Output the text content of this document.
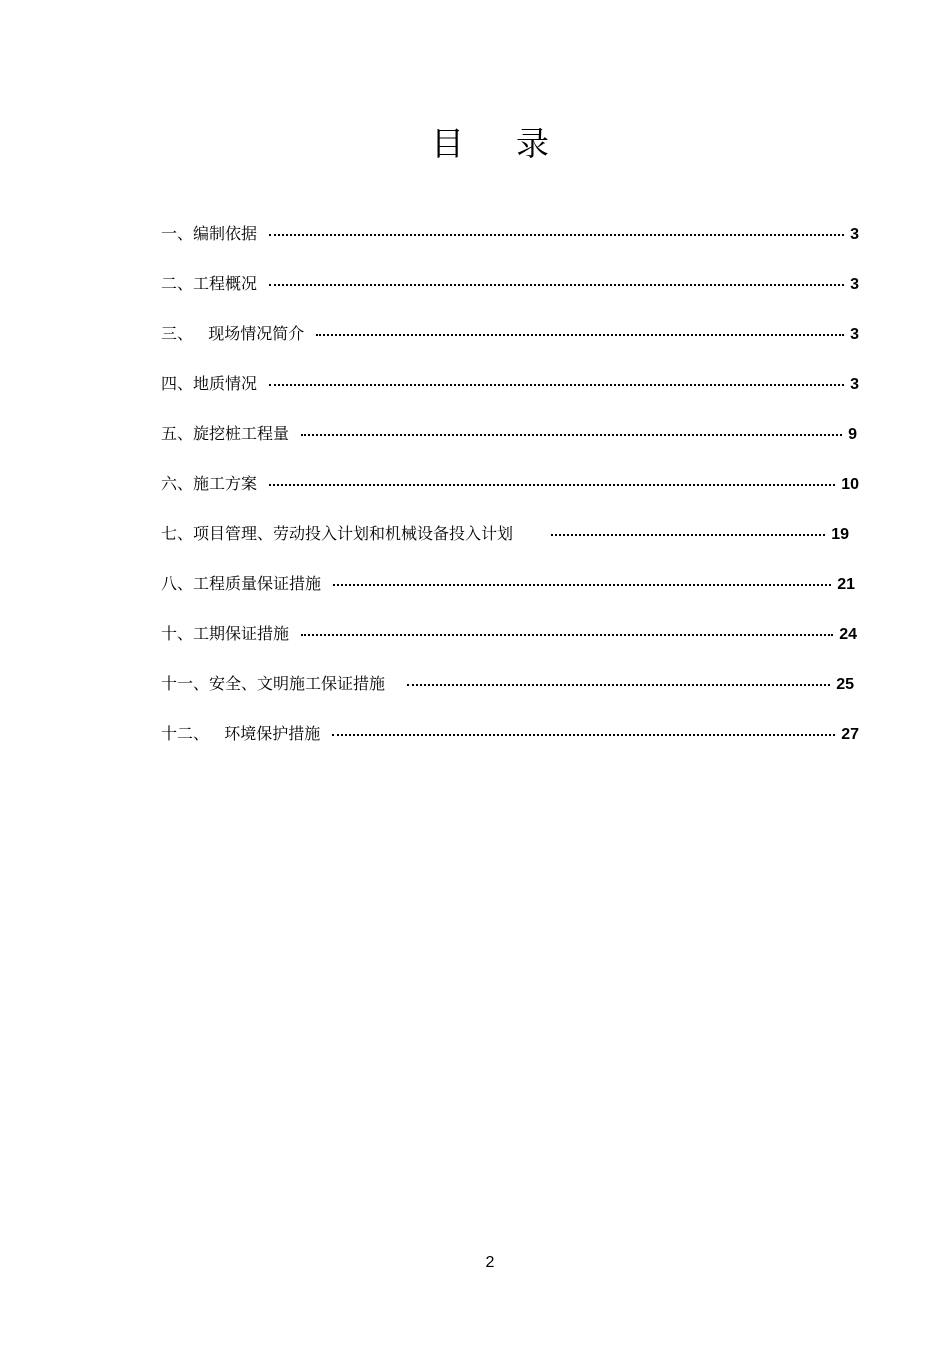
目 录
一、编制依据	3
二、工程概况	3
三、   现场情况简介	3
四、地质情况	3
五、旋挖桩工程量	9
六、施工方案	10
七、项目管理、劳动投入计划和机械设备投入计划	19
八、工程质量保证措施	21
十、工期保证措施	24
十一、安全、文明施工保证措施	25
十二、   环境保护措施	27
2
